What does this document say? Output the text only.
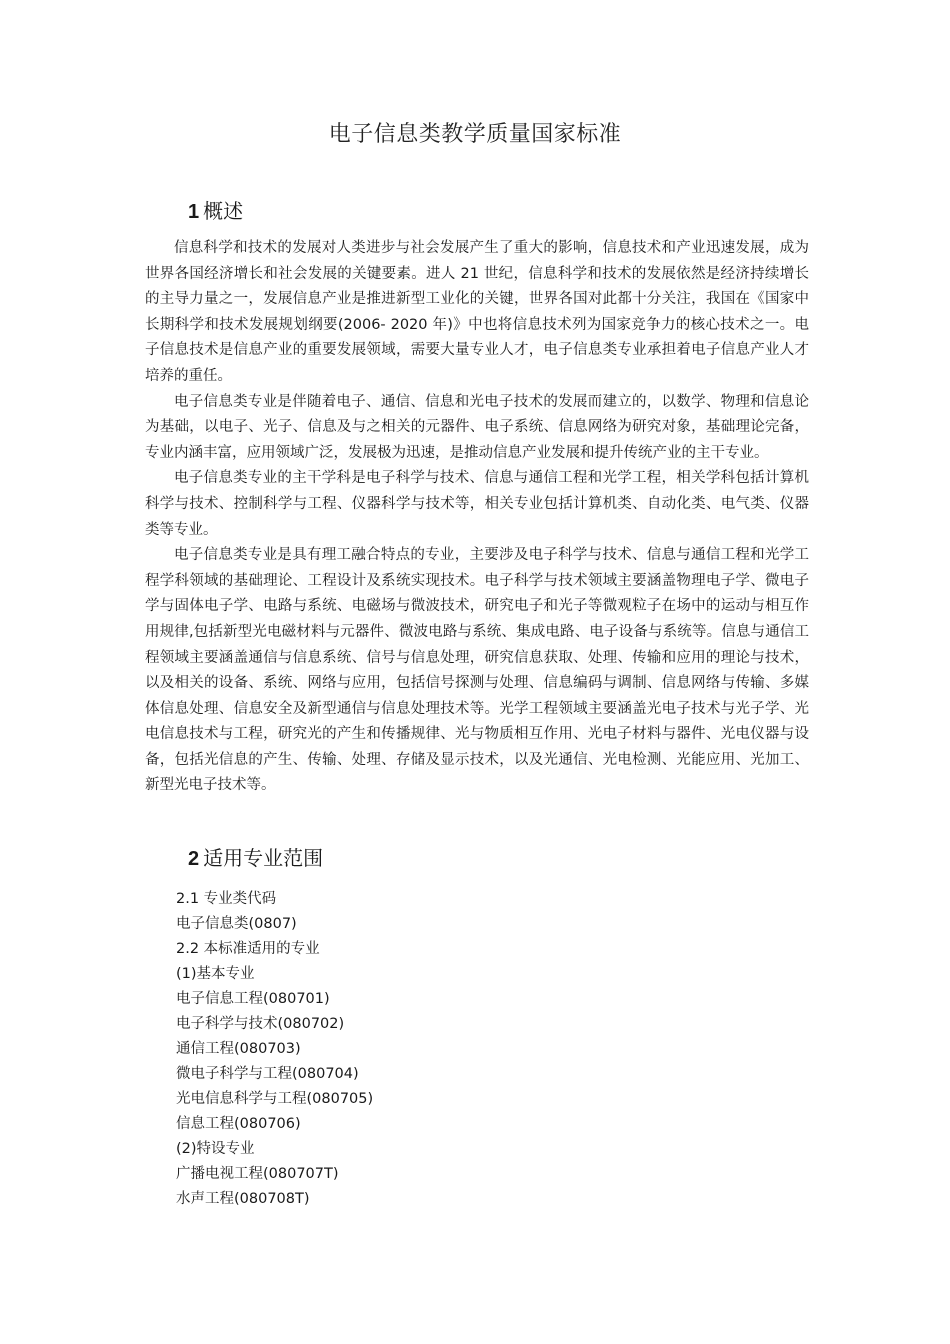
电子信息类教学质量国家标准
1 概述

信息科学和技术的发展对人类进步与社会发展产生了重大的影响，信息技术和产业迅速发展，成为世界各国经济增长和社会发展的关键要素。进人 21 世纪，信息科学和技术的发展依然是经济持续增长的主导力量之一，发展信息产业是推进新型工业化的关键，世界各国对此都十分关注，我国在《国家中长期科学和技术发展规划纲要(2006- 2020 年)》中也将信息技术列为国家竞争力的核心技术之一。电子信息技术是信息产业的重要发展领域，需要大量专业人才，电子信息类专业承担着电子信息产业人才培养的重任。

电子信息类专业是伴随着电子、通信、信息和光电子技术的发展而建立的，以数学、物理和信息论为基础，以电子、光子、信息及与之相关的元器件、电子系统、信息网络为研究对象，基础理论完备，专业内涵丰富，应用领域广泛，发展极为迅速，是推动信息产业发展和提升传统产业的主干专业。

电子信息类专业的主干学科是电子科学与技术、信息与通信工程和光学工程，相关学科包括计算机科学与技术、控制科学与工程、仪器科学与技术等，相关专业包括计算机类、自动化类、电气类、仪器类等专业。

电子信息类专业是具有理工融合特点的专业，主要涉及电子科学与技术、信息与通信工程和光学工程学科领域的基础理论、工程设计及系统实现技术。电子科学与技术领域主要涵盖物理电子学、微电子学与固体电子学、电路与系统、电磁场与微波技术，研究电子和光子等微观粒子在场中的运动与相互作用规律,包括新型光电磁材料与元器件、微波电路与系统、集成电路、电子设备与系统等。信息与通信工程领域主要涵盖通信与信息系统、信号与信息处理，研究信息获取、处理、传输和应用的理论与技术，以及相关的设备、系统、网络与应用，包括信号探测与处理、信息编码与调制、信息网络与传输、多媒体信息处理、信息安全及新型通信与信息处理技术等。光学工程领域主要涵盖光电子技术与光子学、光电信息技术与工程，研究光的产生和传播规律、光与物质相互作用、光电子材料与器件、光电仪器与设备，包括光信息的产生、传输、处理、存储及显示技术，以及光通信、光电检测、光能应用、光加工、新型光电子技术等。

2 适用专业范围
2.1 专业类代码
电子信息类(0807)
2.2 本标准适用的专业
(1)基本专业
电子信息工程(080701)
电子科学与技术(080702)
通信工程(080703)
微电子科学与工程(080704)
光电信息科学与工程(080705)
信息工程(080706)
(2)特设专业
广播电视工程(080707T)
水声工程(080708T)
